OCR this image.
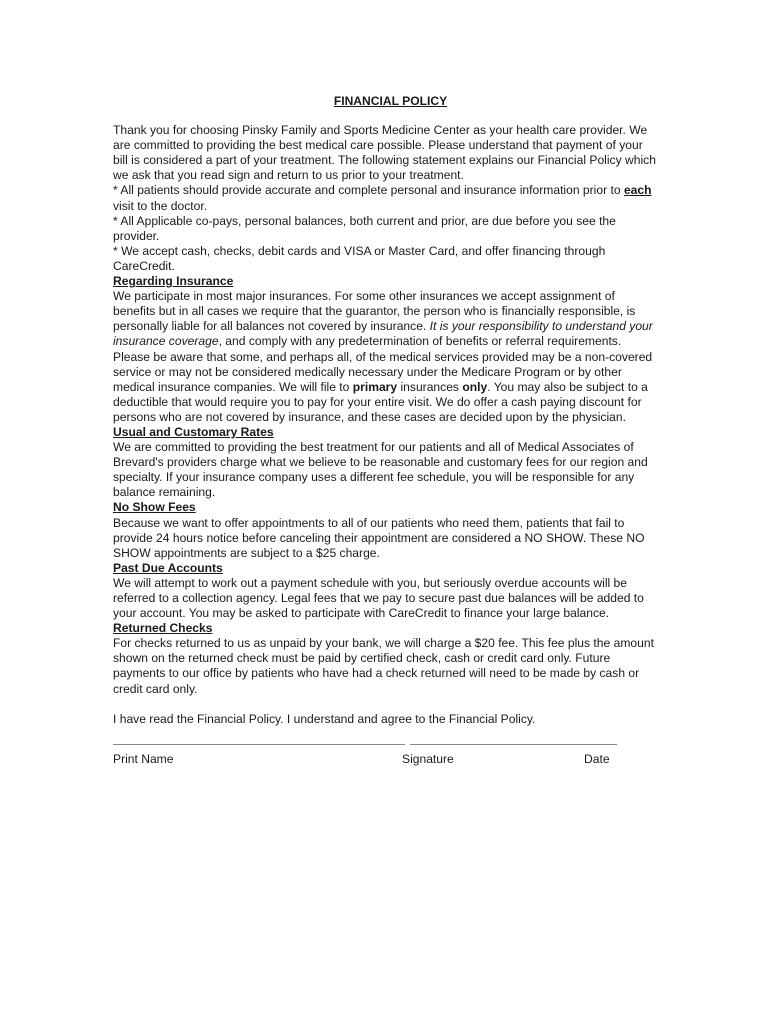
FINANCIAL POLICY

Thank you for choosing Pinsky Family and Sports Medicine Center as your health care provider. We are committed to providing the best medical care possible. Please understand that payment of your bill is considered a part of your treatment. The following statement explains our Financial Policy which we ask that you read sign and return to us prior to your treatment.

* All patients should provide accurate and complete personal and insurance information prior to each visit to the doctor.

* All Applicable co-pays, personal balances, both current and prior, are due before you see the provider.

* We accept cash, checks, debit cards and VISA or Master Card, and offer financing through CareCredit.

Regarding Insurance

We participate in most major insurances. For some other insurances we accept assignment of benefits but in all cases we require that the guarantor, the person who is financially responsible, is personally liable for all balances not covered by insurance. It is your responsibility to understand your insurance coverage, and comply with any predetermination of benefits or referral requirements. Please be aware that some, and perhaps all, of the medical services provided may be a non-covered service or may not be considered medically necessary under the Medicare Program or by other medical insurance companies. We will file to primary insurances only. You may also be subject to a deductible that would require you to pay for your entire visit. We do offer a cash paying discount for persons who are not covered by insurance, and these cases are decided upon by the physician.

Usual and Customary Rates

We are committed to providing the best treatment for our patients and all of Medical Associates of Brevard's providers charge what we believe to be reasonable and customary fees for our region and specialty. If your insurance company uses a different fee schedule, you will be responsible for any balance remaining.

No Show Fees

Because we want to offer appointments to all of our patients who need them, patients that fail to provide 24 hours notice before canceling their appointment are considered a NO SHOW. These NO SHOW appointments are subject to a $25 charge.

Past Due Accounts

We will attempt to work out a payment schedule with you, but seriously overdue accounts will be referred to a collection agency. Legal fees that we pay to secure past due balances will be added to your account. You may be asked to participate with CareCredit to finance your large balance.

Returned Checks

For checks returned to us as unpaid by your bank, we will charge a $20 fee. This fee plus the amount shown on the returned check must be paid by certified check, cash or credit card only. Future payments to our office by patients who have had a check returned will need to be made by cash or credit card only.

I have read the Financial Policy. I understand and agree to the Financial Policy.

Print Name	Signature	Date
